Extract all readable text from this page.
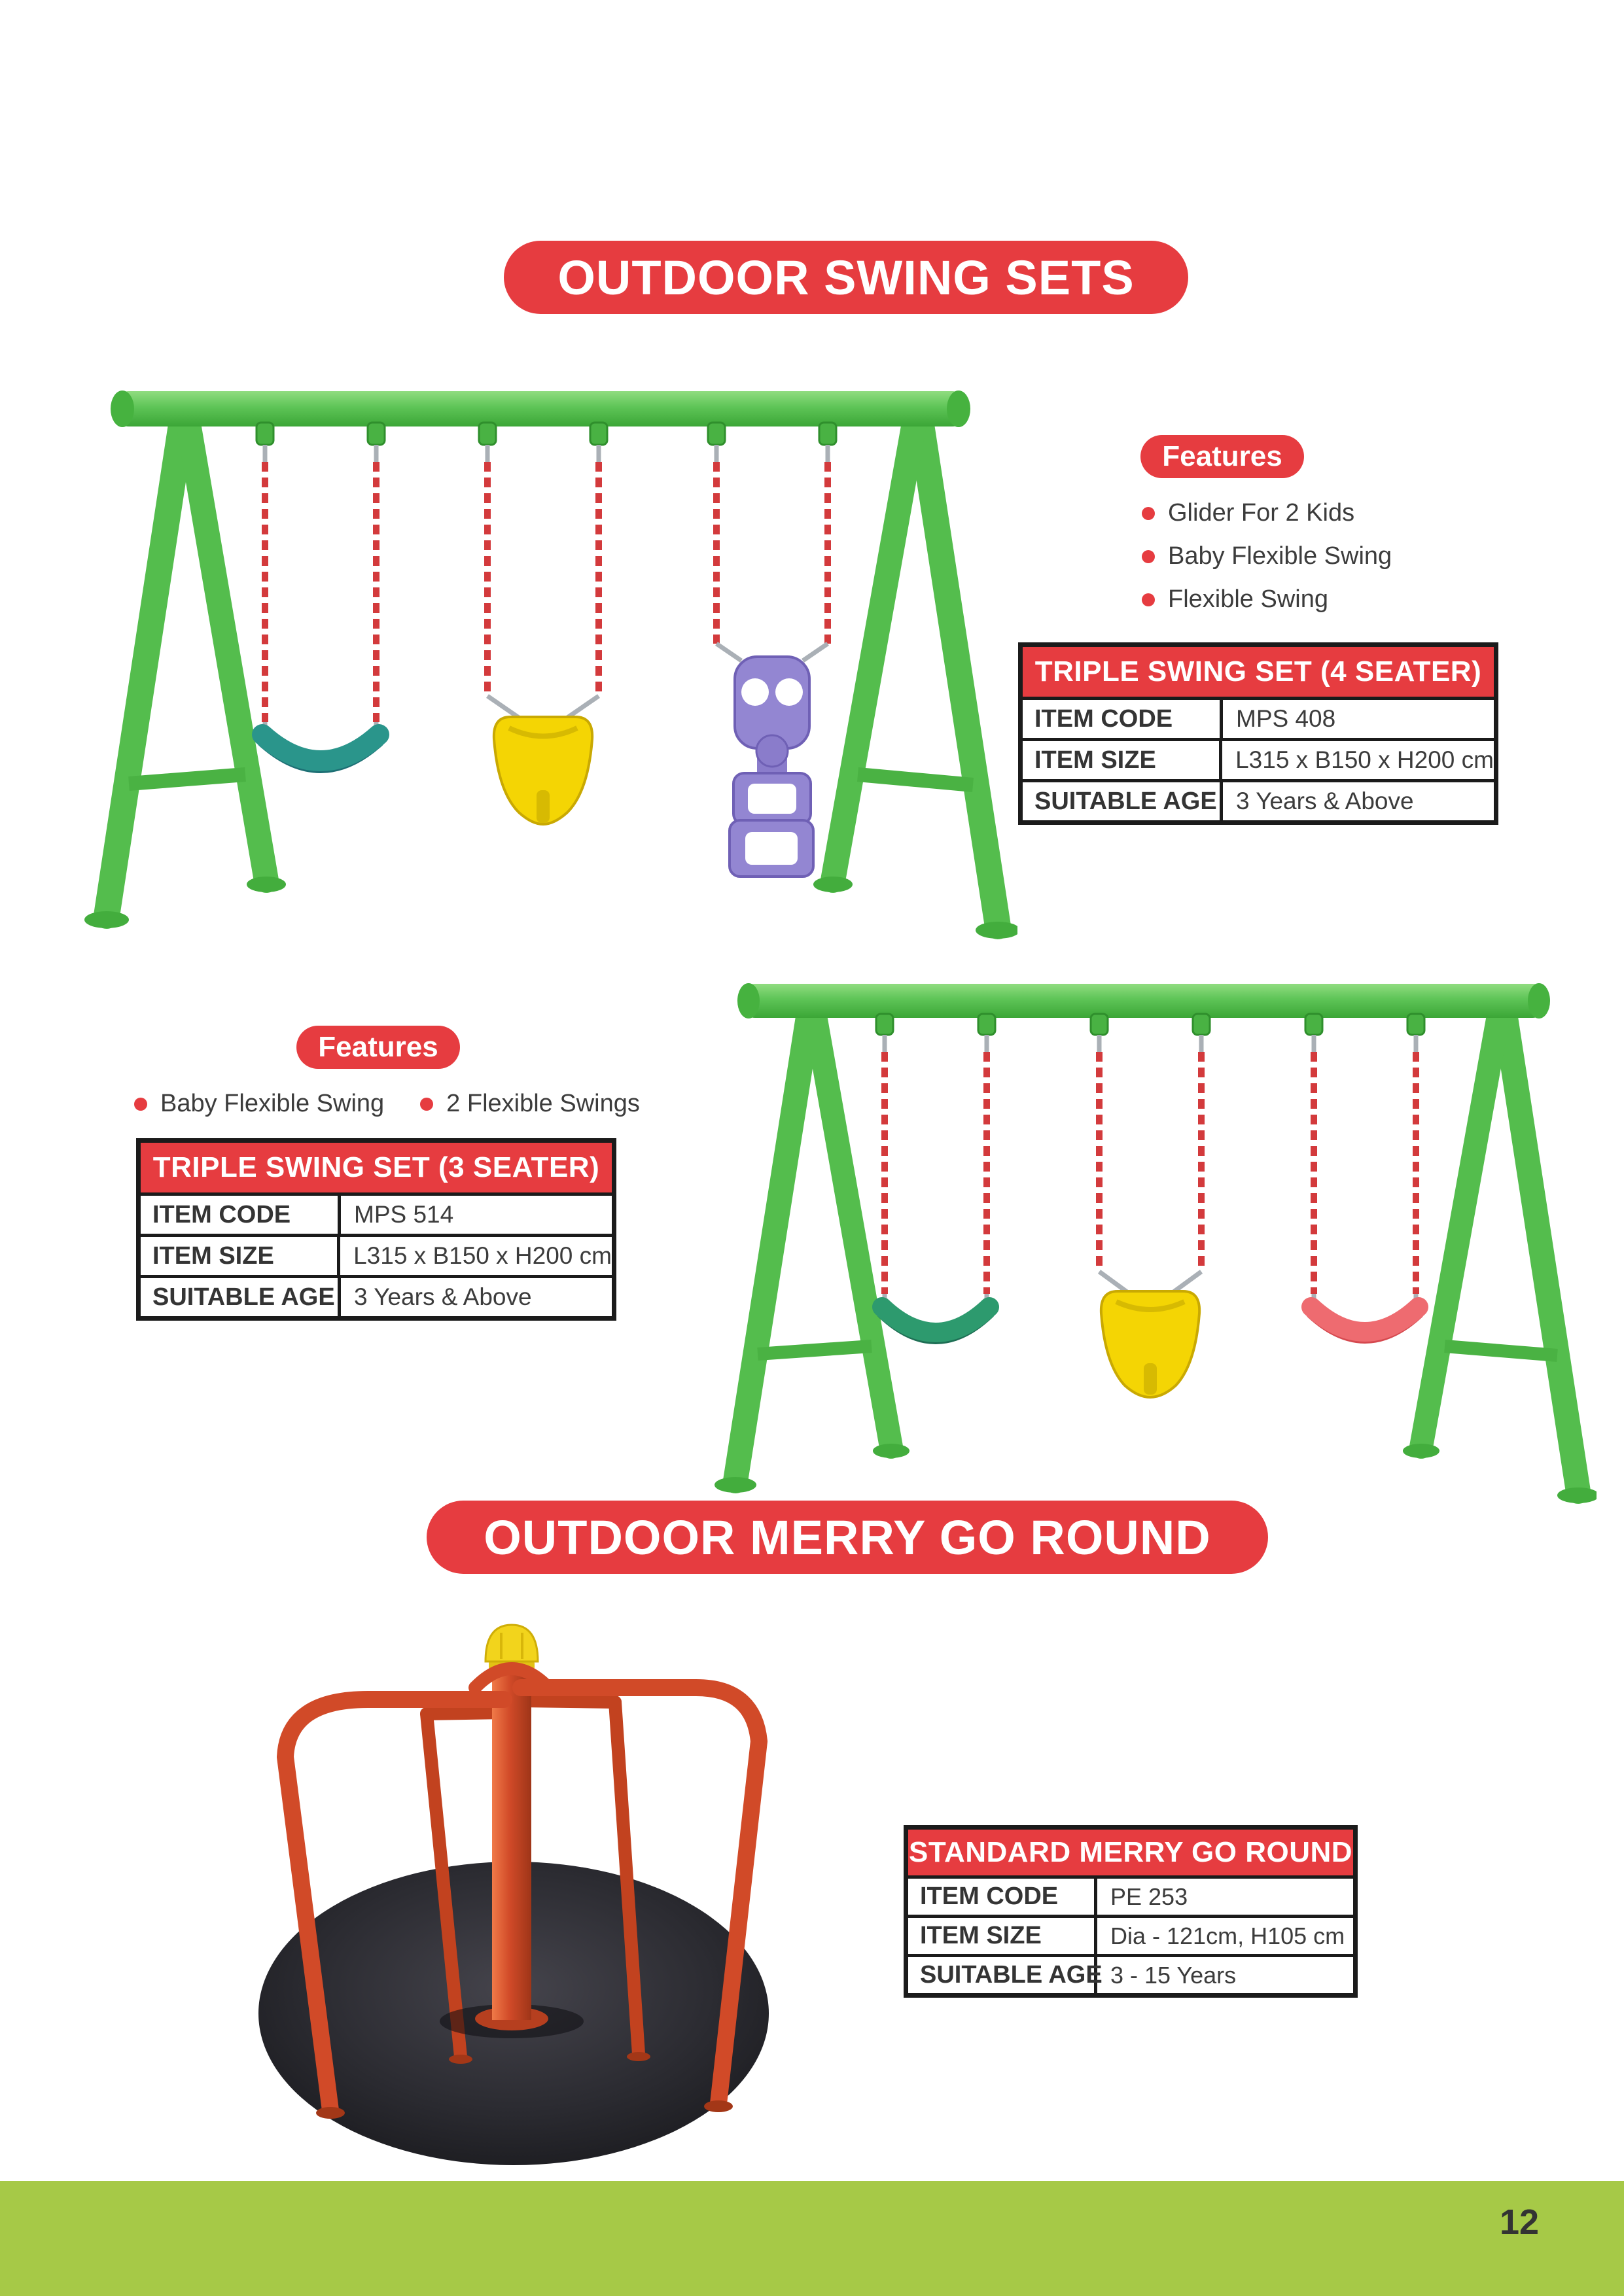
OUTDOOR SWING SETS
Features
Glider For 2 Kids
Baby Flexible Swing
Flexible Swing
TRIPLE SWING SET (4 SEATER)
ITEM CODE	MPS 408
ITEM SIZE	L315 x B150 x H200 cm
SUITABLE AGE 3 Years & Above
Features
Baby Flexible Swing	2 Flexible Swings
TRIPLE SWING SET (3 SEATER)
ITEM CODE	MPS 514
ITEM SIZE	L315 x B150 x H200 cm
SUITABLE AGE 3 Years & Above
OUTDOOR MERRY GO ROUND
STANDARD MERRY GO ROUND
ITEM CODE	PE 253
ITEM SIZE	Dia - 121cm, H105 cm
SUITABLE AGE 3 - 15 Years
12
